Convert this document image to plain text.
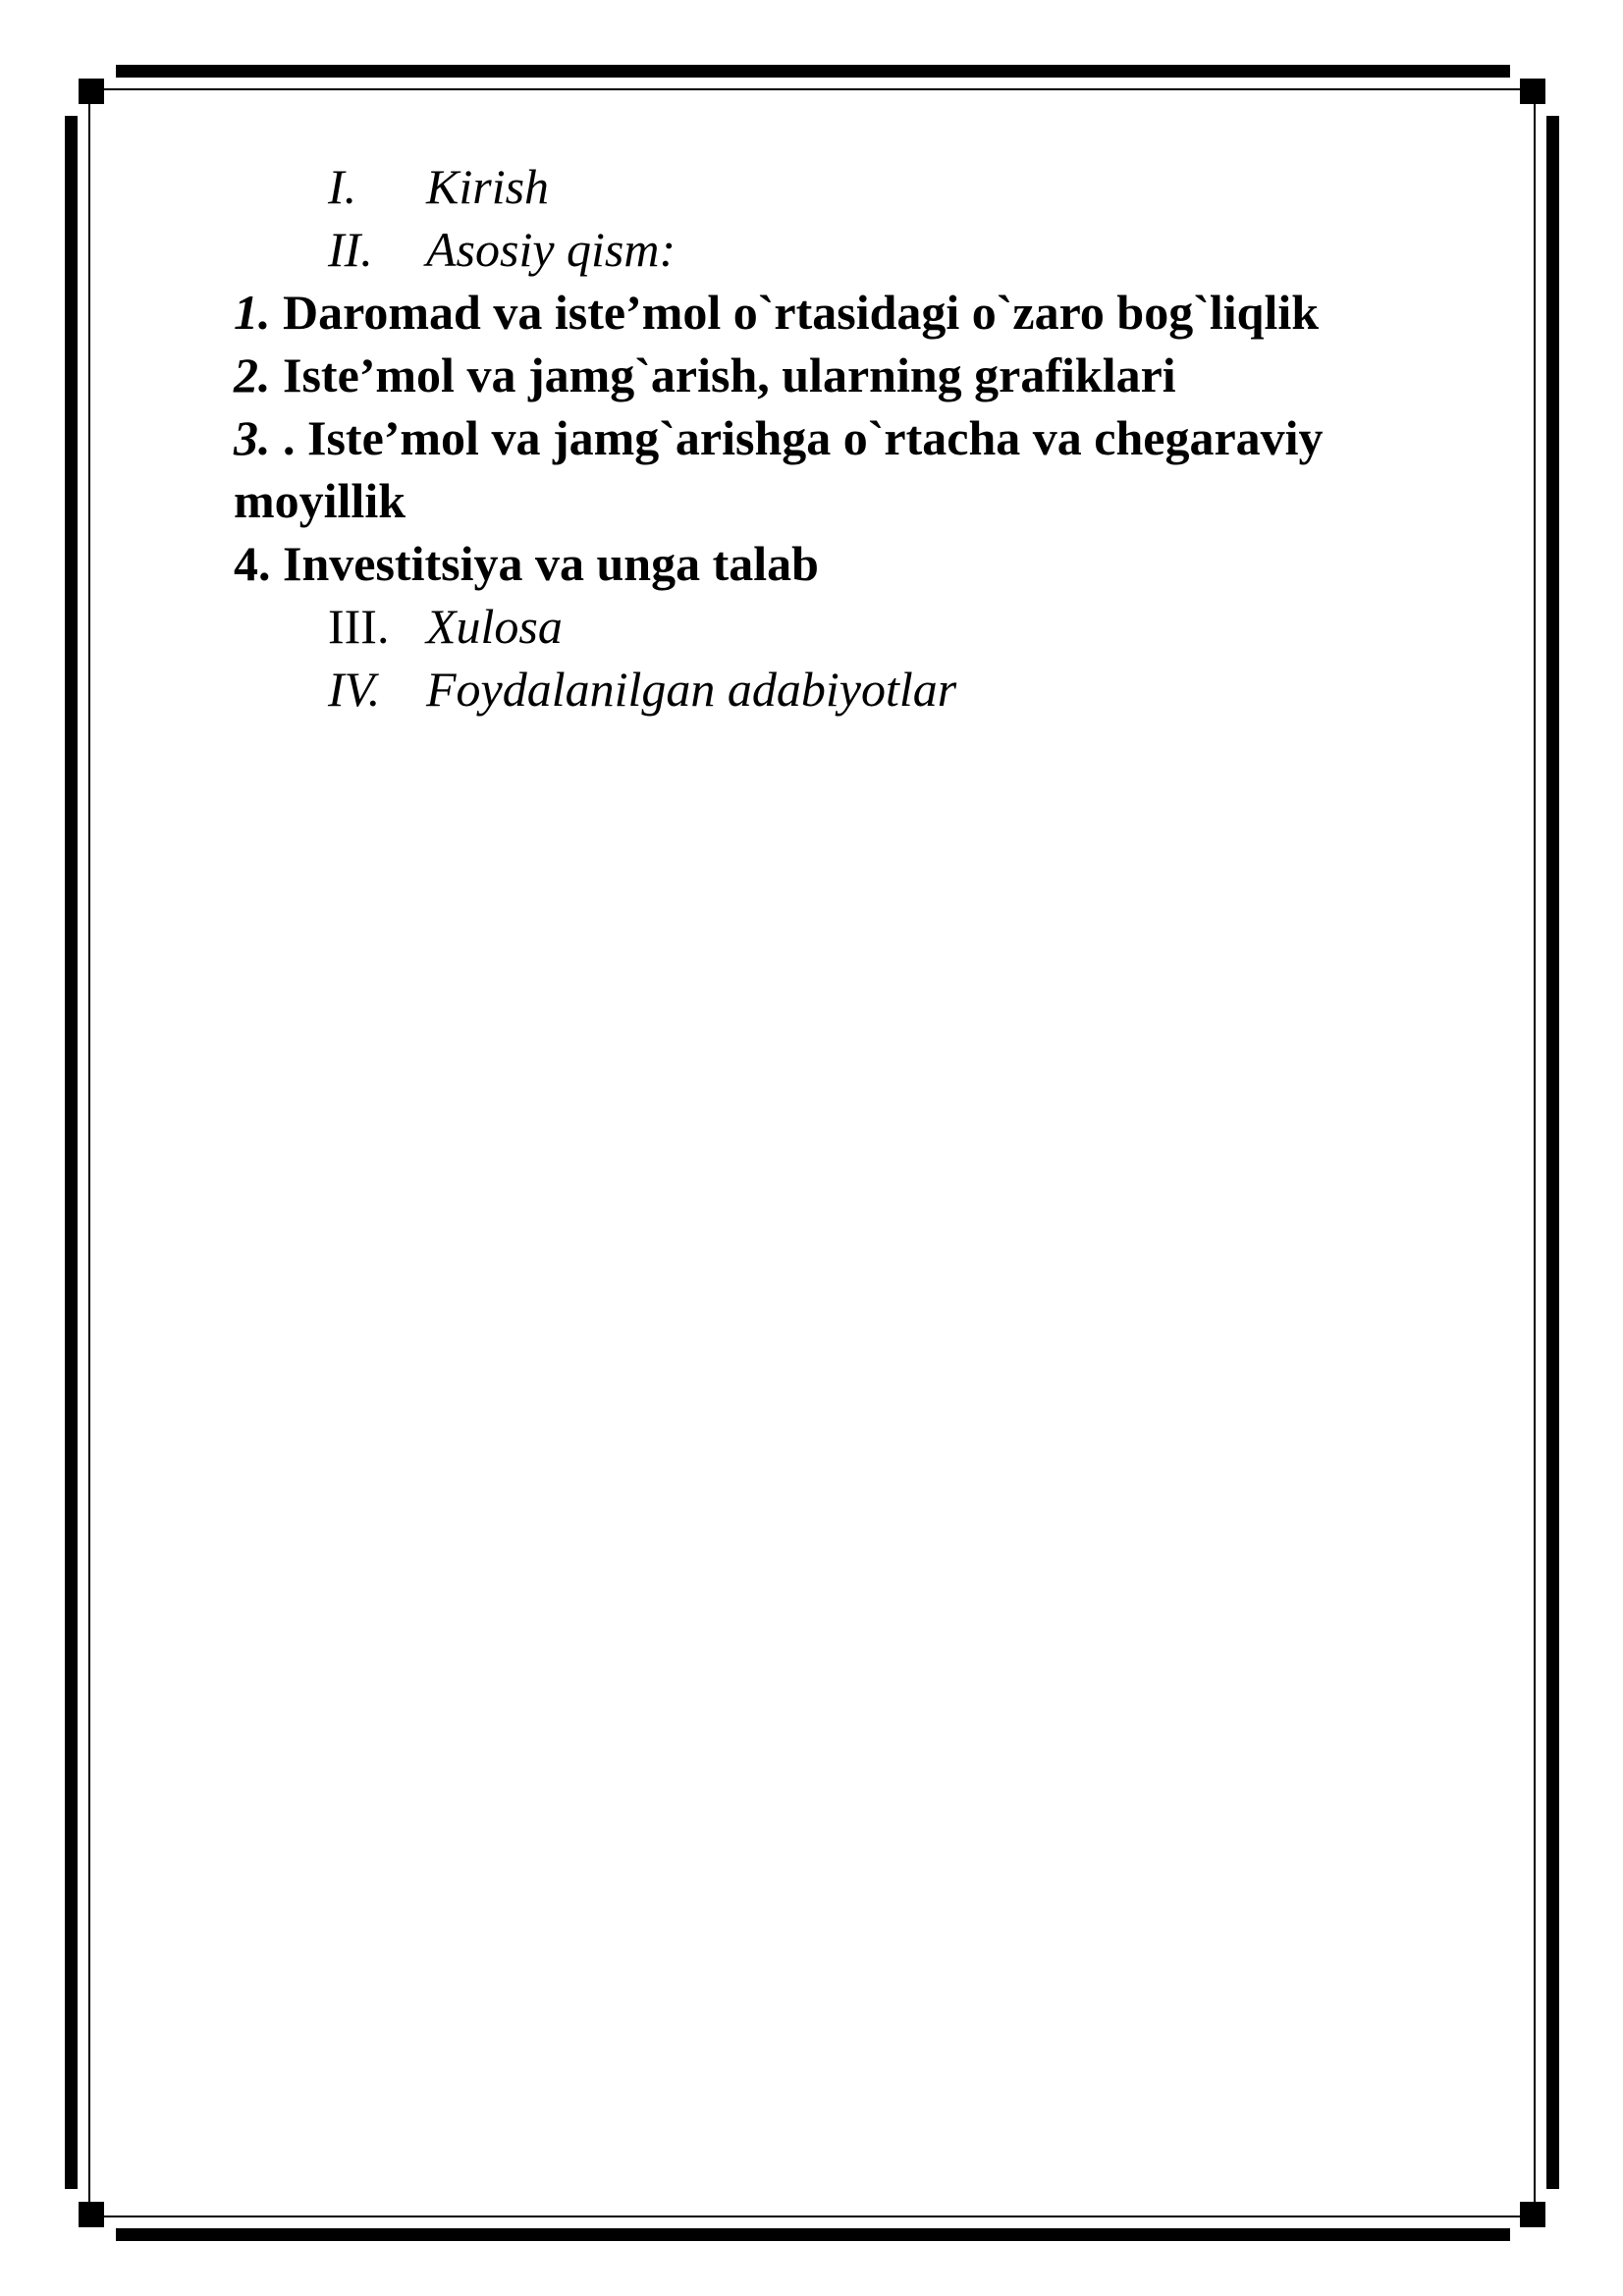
I. Kirish
II. Asosiy qism:
1. Daromad va iste’mol o`rtasidagi o`zaro bog`liqlik
2. Iste’mol va jamg`arish, ularning grafiklari
3. . Iste’mol va jamg`arishga o`rtacha va chegaraviy moyillik
4. Investitsiya va unga talab
III. Xulosa
IV. Foydalanilgan adabiyotlar
